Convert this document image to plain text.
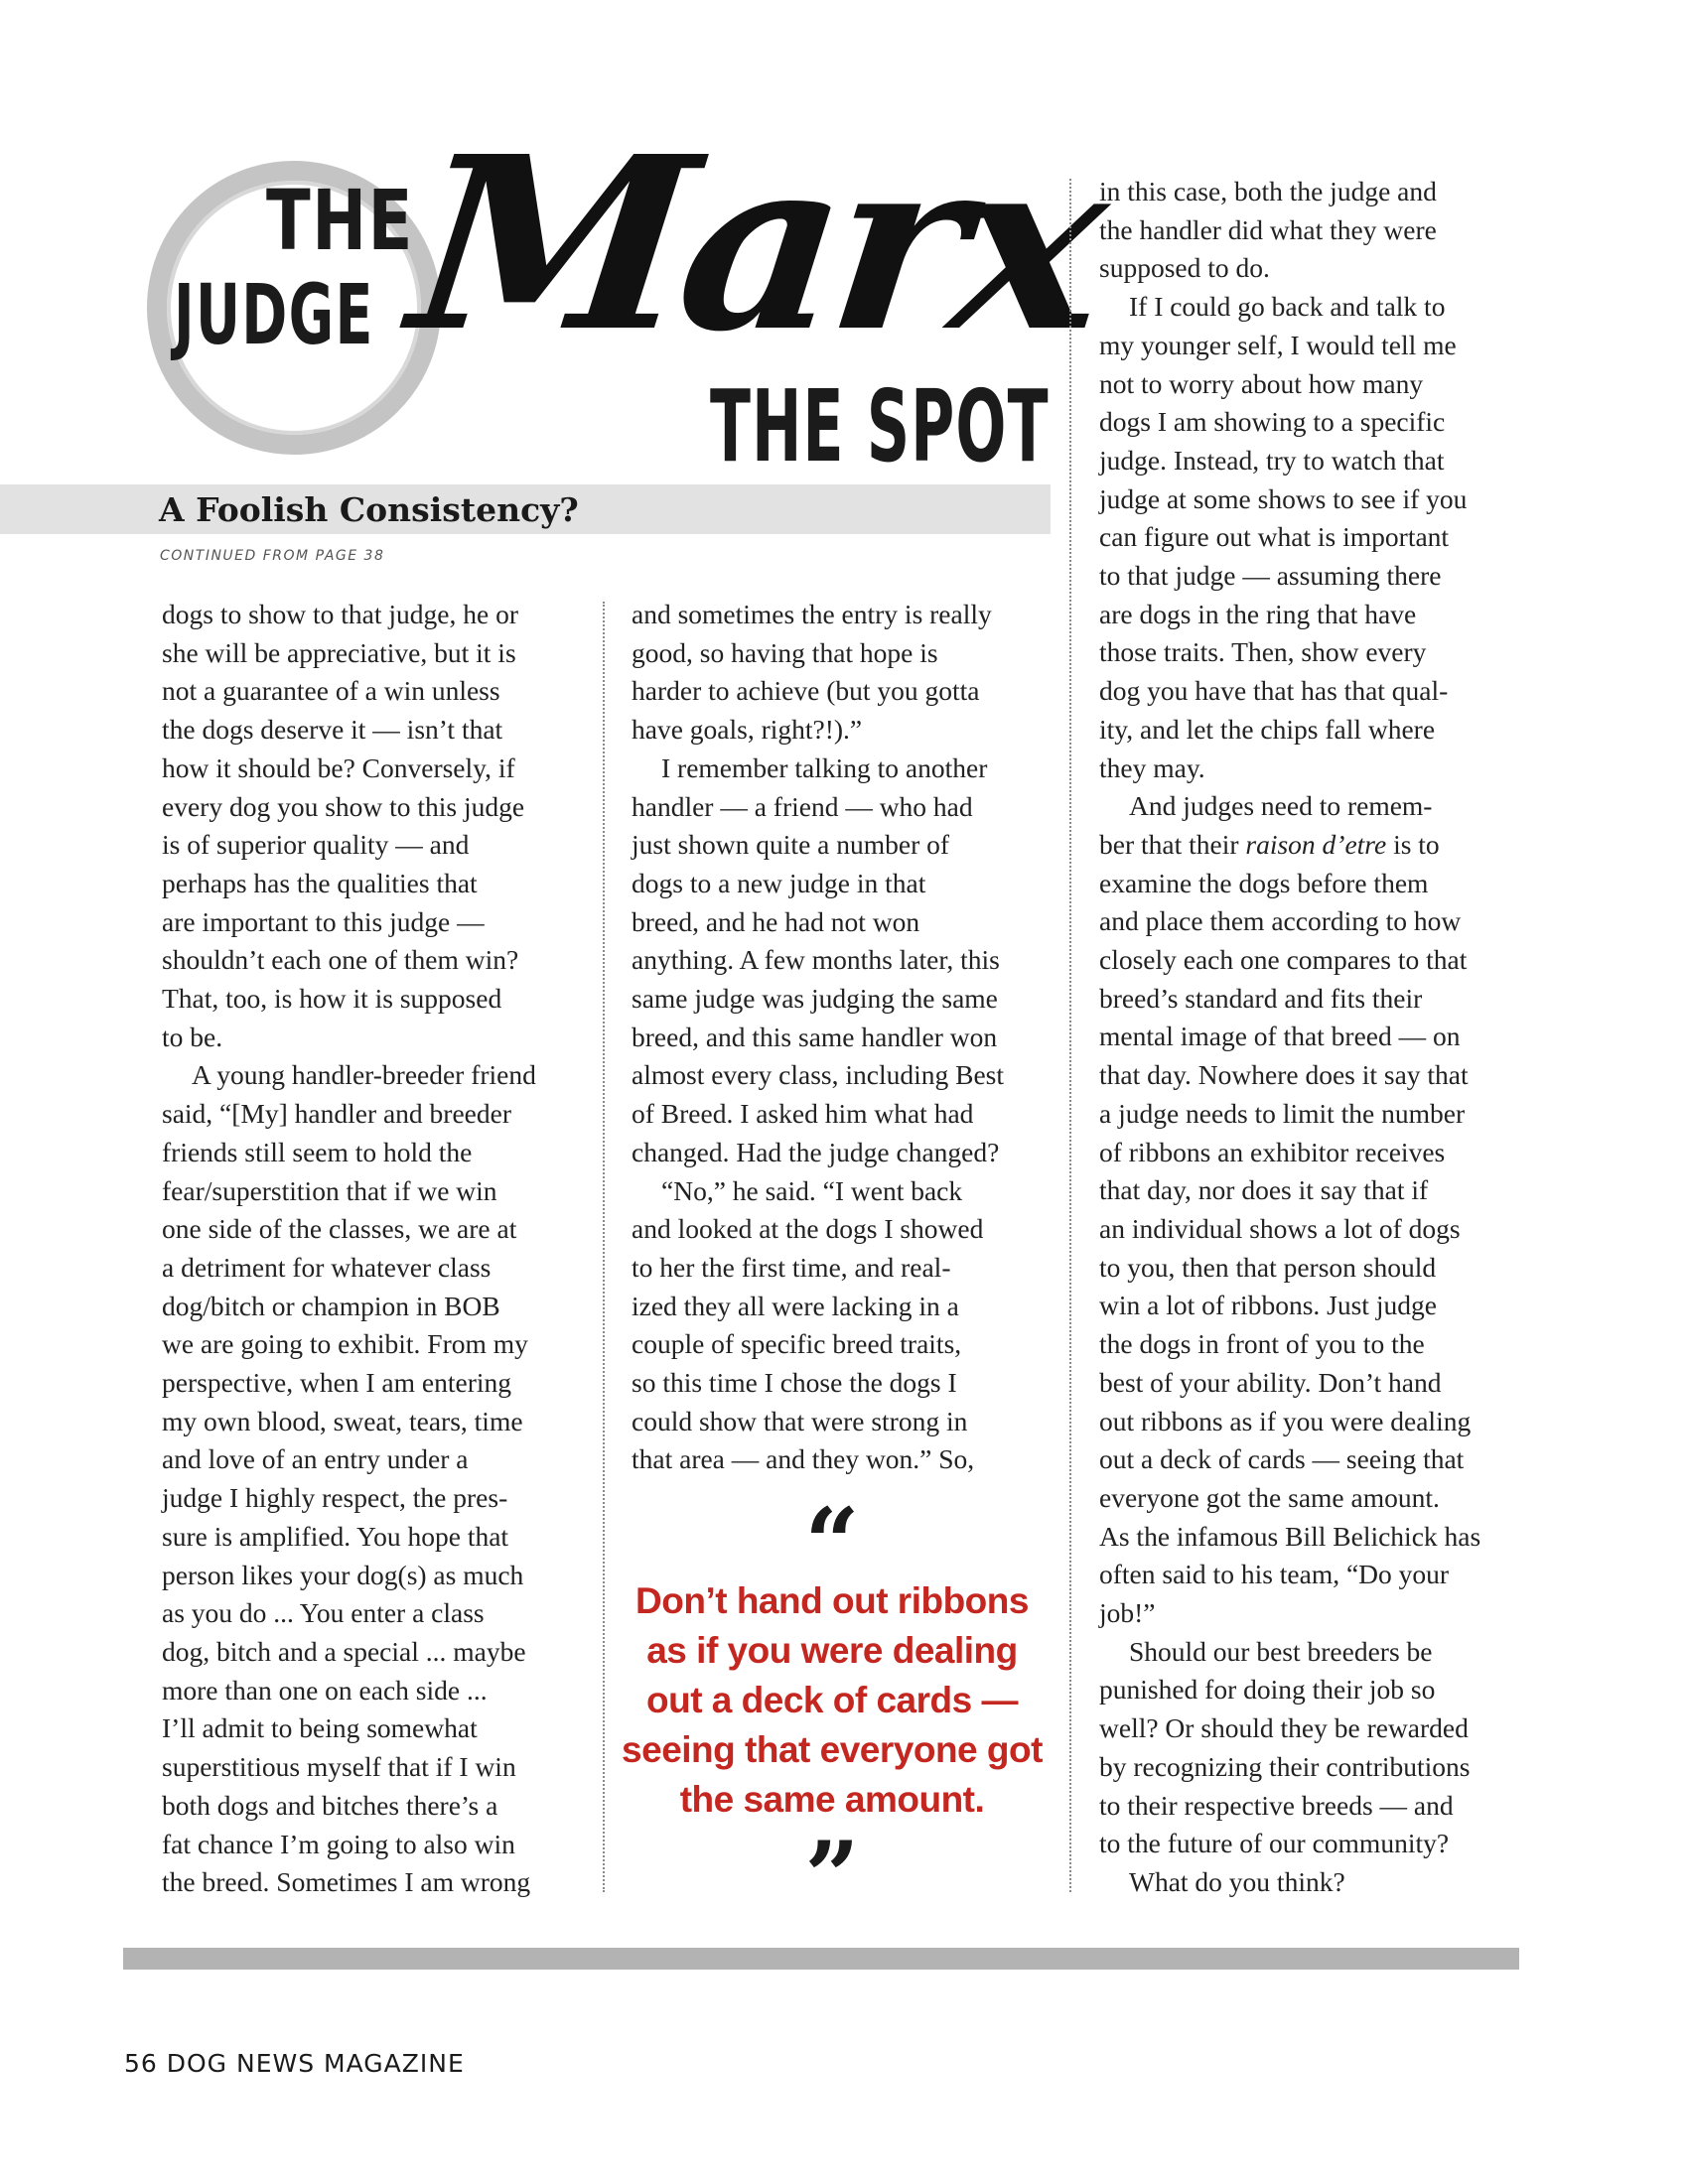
THE
JUDGE Marx
THE SPOT
A Foolish Consistency?
CONTINUED FROM PAGE 38

dogs to show to that judge, he or

she will be appreciative, but it is

not a guarantee of a win unless

the dogs deserve it — isn’t that

how it should be? Conversely, if

every dog you show to this judge

is of superior quality — and

perhaps has the qualities that

are important to this judge —

shouldn’t each one of them win?

That, too, is how it is supposed

to be.

A young handler-breeder friend

said, “[My] handler and breeder

friends still seem to hold the

fear/superstition that if we win

one side of the classes, we are at

a detriment for whatever class

dog/bitch or champion in BOB

we are going to exhibit. From my

perspective, when I am entering

my own blood, sweat, tears, time

and love of an entry under a

judge I highly respect, the pres-

sure is amplified. You hope that

person likes your dog(s) as much

as you do ... You enter a class

dog, bitch and a special ... maybe

more than one on each side ...

I’ll admit to being somewhat

superstitious myself that if I win

both dogs and bitches there’s a

fat chance I’m going to also win

the breed. Sometimes I am wrong

and sometimes the entry is really

good, so having that hope is

harder to achieve (but you gotta

have goals, right?!).”

I remember talking to another

handler — a friend — who had

just shown quite a number of

dogs to a new judge in that

breed, and he had not won

anything. A few months later, this

same judge was judging the same

breed, and this same handler won

almost every class, including Best

of Breed. I asked him what had

changed. Had the judge changed?

“No,” he said. “I went back

and looked at the dogs I showed

to her the first time, and real-

ized they all were lacking in a

couple of specific breed traits,

so this time I chose the dogs I

could show that were strong in

that area — and they won.” So,

in this case, both the judge and

the handler did what they were

supposed to do.

If I could go back and talk to

my younger self, I would tell me

not to worry about how many

dogs I am showing to a specific

judge. Instead, try to watch that

judge at some shows to see if you

can figure out what is important

to that judge — assuming there

are dogs in the ring that have

those traits. Then, show every

dog you have that has that qual-

ity, and let the chips fall where

they may.

And judges need to remem-

ber that their raison d’etre is to

examine the dogs before them

and place them according to how

closely each one compares to that

breed’s standard and fits their

mental image of that breed — on

that day. Nowhere does it say that

a judge needs to limit the number

of ribbons an exhibitor receives

that day, nor does it say that if

an individual shows a lot of dogs

to you, then that person should

win a lot of ribbons. Just judge

the dogs in front of you to the

best of your ability. Don’t hand

out ribbons as if you were dealing

out a deck of cards — seeing that

everyone got the same amount.

As the infamous Bill Belichick has

often said to his team, “Do your

job!”

Should our best breeders be

punished for doing their job so

well? Or should they be rewarded

by recognizing their contributions

to their respective breeds — and

to the future of our community?

What do you think?

“
Don’t hand out ribbons
as if you were dealing
out a deck of cards —
seeing that everyone got
the same amount.
”
56 DOG NEWS MAGAZINE
